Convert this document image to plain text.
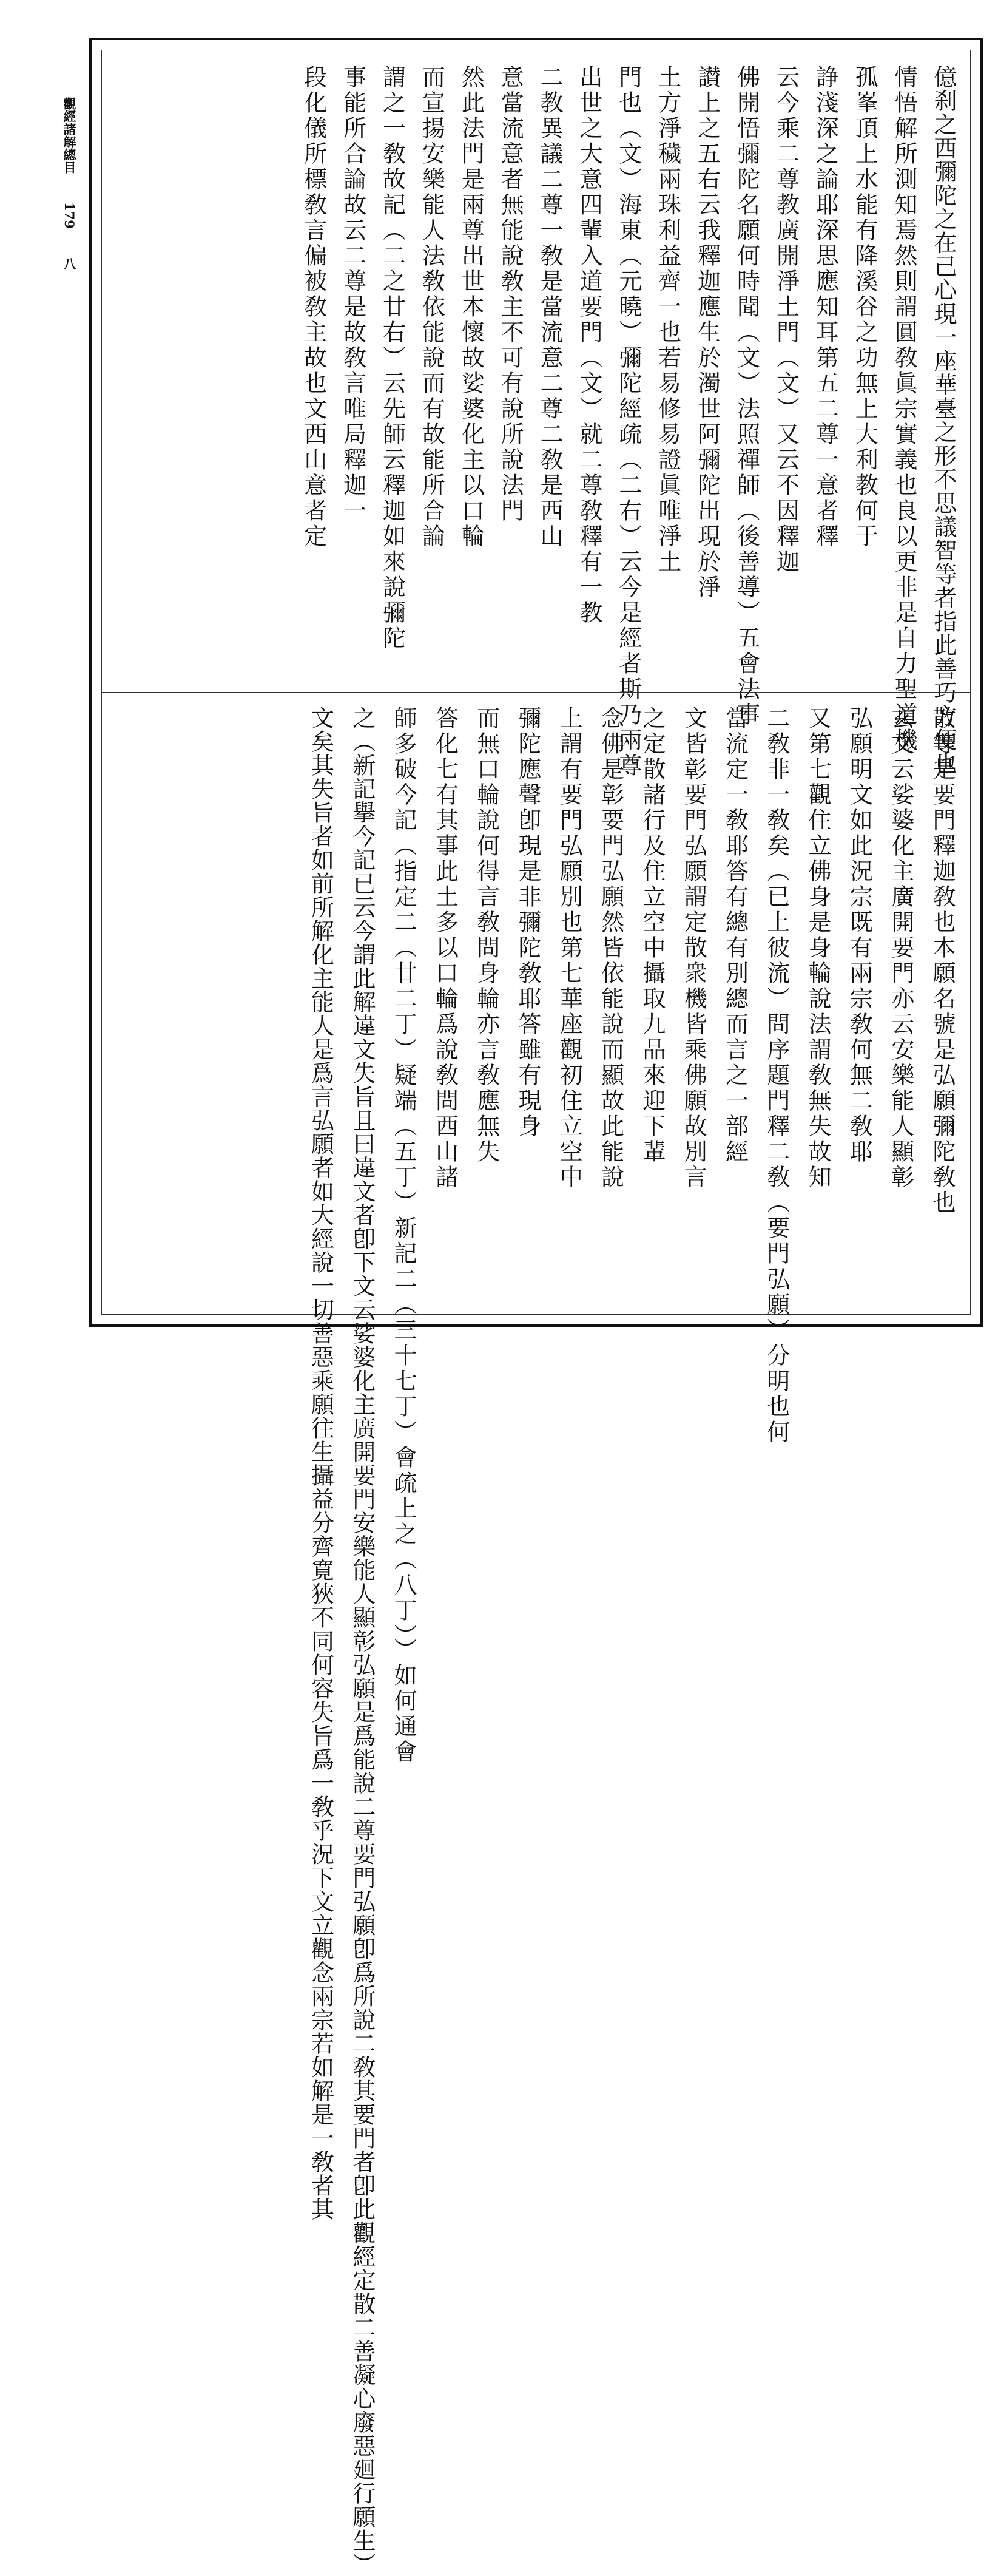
觀經諸解總目 179 八	億刹之西彌陀之在己心現一座華臺之形不思議智等者指此善巧方便也
情悟解所測知焉然則謂圓敎眞宗實義也良以更非是自力聖道機
孤峯頂上水能有降溪谷之功無上大利教何于
諍淺深之論耶深思應知耳第五二尊一意者釋
云今乘二尊教廣開淨土門（文）又云不因釋迦
佛開悟彌陀名願何時聞（文）法照禪師（後善導）五會法事
讃上之五右云我釋迦應生於濁世阿彌陀出現於淨
土方淨穢兩珠利益齊一也若易修易證眞唯淨土
門也（文）海東（元曉）彌陀經疏（二右）云今是經者斯乃兩尊
出世之大意四輩入道要門（文）就二尊敎釋有一教
二教異議二尊一敎是當流意二尊二敎是西山
意當流意者無能說敎主不可有說所說法門
然此法門是兩尊出世本懷故娑婆化主以口輪
而宣揚安樂能人法敎依能說而有故能所合論
謂之一敎故記（二之廿右）云先師云釋迦如來說彌陀
事能所合論故云二尊是故敎言唯局釋迦一
段化儀所標敎言偏被敎主故也文西山意者定
散等是要門釋迦敎也本願名號是弘願彌陀敎也
玄文云娑婆化主廣開要門亦云安樂能人顯彰
弘願明文如此況宗既有兩宗敎何無二敎耶
又第七觀住立佛身是身輪說法謂敎無失故知
二敎非一敎矣（已上彼流）問序題門釋二敎（要門弘願）分明也何
當流定一敎耶答有總有別總而言之一部經
文皆彰要門弘願謂定散衆機皆乘佛願故別言
之定散諸行及住立空中攝取九品來迎下輩
念佛是彰要門弘願然皆依能說而顯故此能說
上謂有要門弘願別也第七華座觀初住立空中
彌陀應聲卽現是非彌陀敎耶答雖有現身
而無口輪說何得言敎問身輪亦言敎應無失
答化七有其事此土多以口輪爲說敎問西山諸
師多破今記（指定二（廿二丁）疑端（五丁）新記二（三十七丁）會疏上之（八丁））如何通會
之（新記擧今記已云今謂此解違文失旨且曰違文者卽下文云娑婆化主廣開要門安樂能人顯彰弘願是爲能說二尊要門弘願卽爲所說二敎其要門者卽此觀經定散二善凝心廢惡廻行願生）
文矣其失旨者如前所解化主能人是爲言弘願者如大經說一切善惡乘願往生攝益分齊寛狹不同何容失旨爲一敎乎況下文立觀念兩宗若如解是一敎者其
